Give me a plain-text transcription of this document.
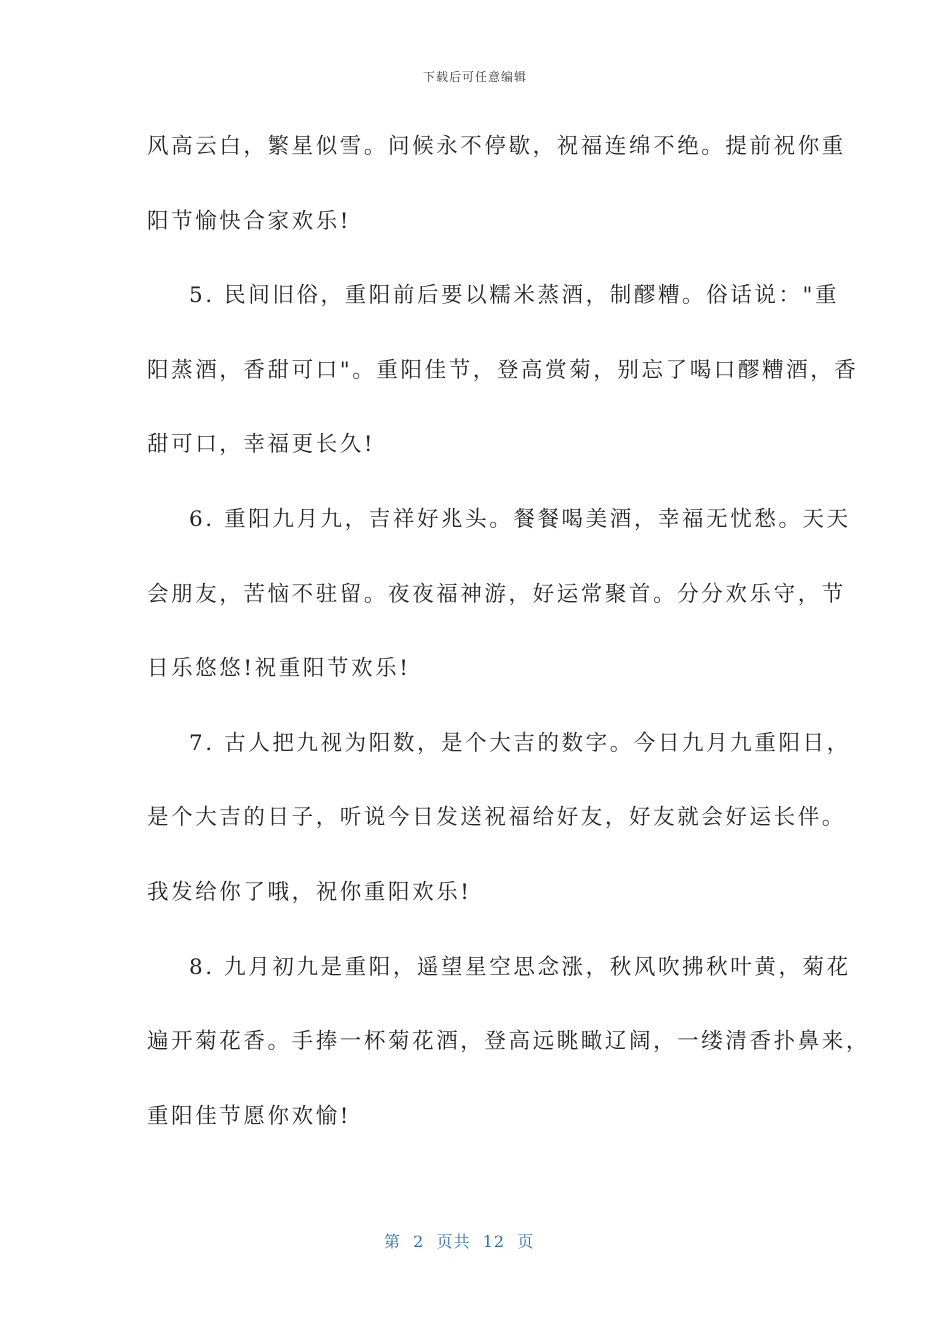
下载后可任意编辑
风高云白，繁星似雪。问候永不停歇，祝福连绵不绝。提前祝你重
阳节愉快合家欢乐!
5. 民间旧俗，重阳前后要以糯米蒸酒，制醪糟。俗话说："重
阳蒸酒，香甜可口"。重阳佳节，登高赏菊，别忘了喝口醪糟酒，香
甜可口，幸福更长久!
6. 重阳九月九，吉祥好兆头。餐餐喝美酒，幸福无忧愁。天天
会朋友，苦恼不驻留。夜夜福神游，好运常聚首。分分欢乐守，节
日乐悠悠!祝重阳节欢乐!
7. 古人把九视为阳数，是个大吉的数字。今日九月九重阳日，
是个大吉的日子，听说今日发送祝福给好友，好友就会好运长伴。
我发给你了哦，祝你重阳欢乐!
8. 九月初九是重阳，遥望星空思念涨，秋风吹拂秋叶黄，菊花
遍开菊花香。手捧一杯菊花酒，登高远眺瞰辽阔，一缕清香扑鼻来，
重阳佳节愿你欢愉!
第  2  页共  12  页
